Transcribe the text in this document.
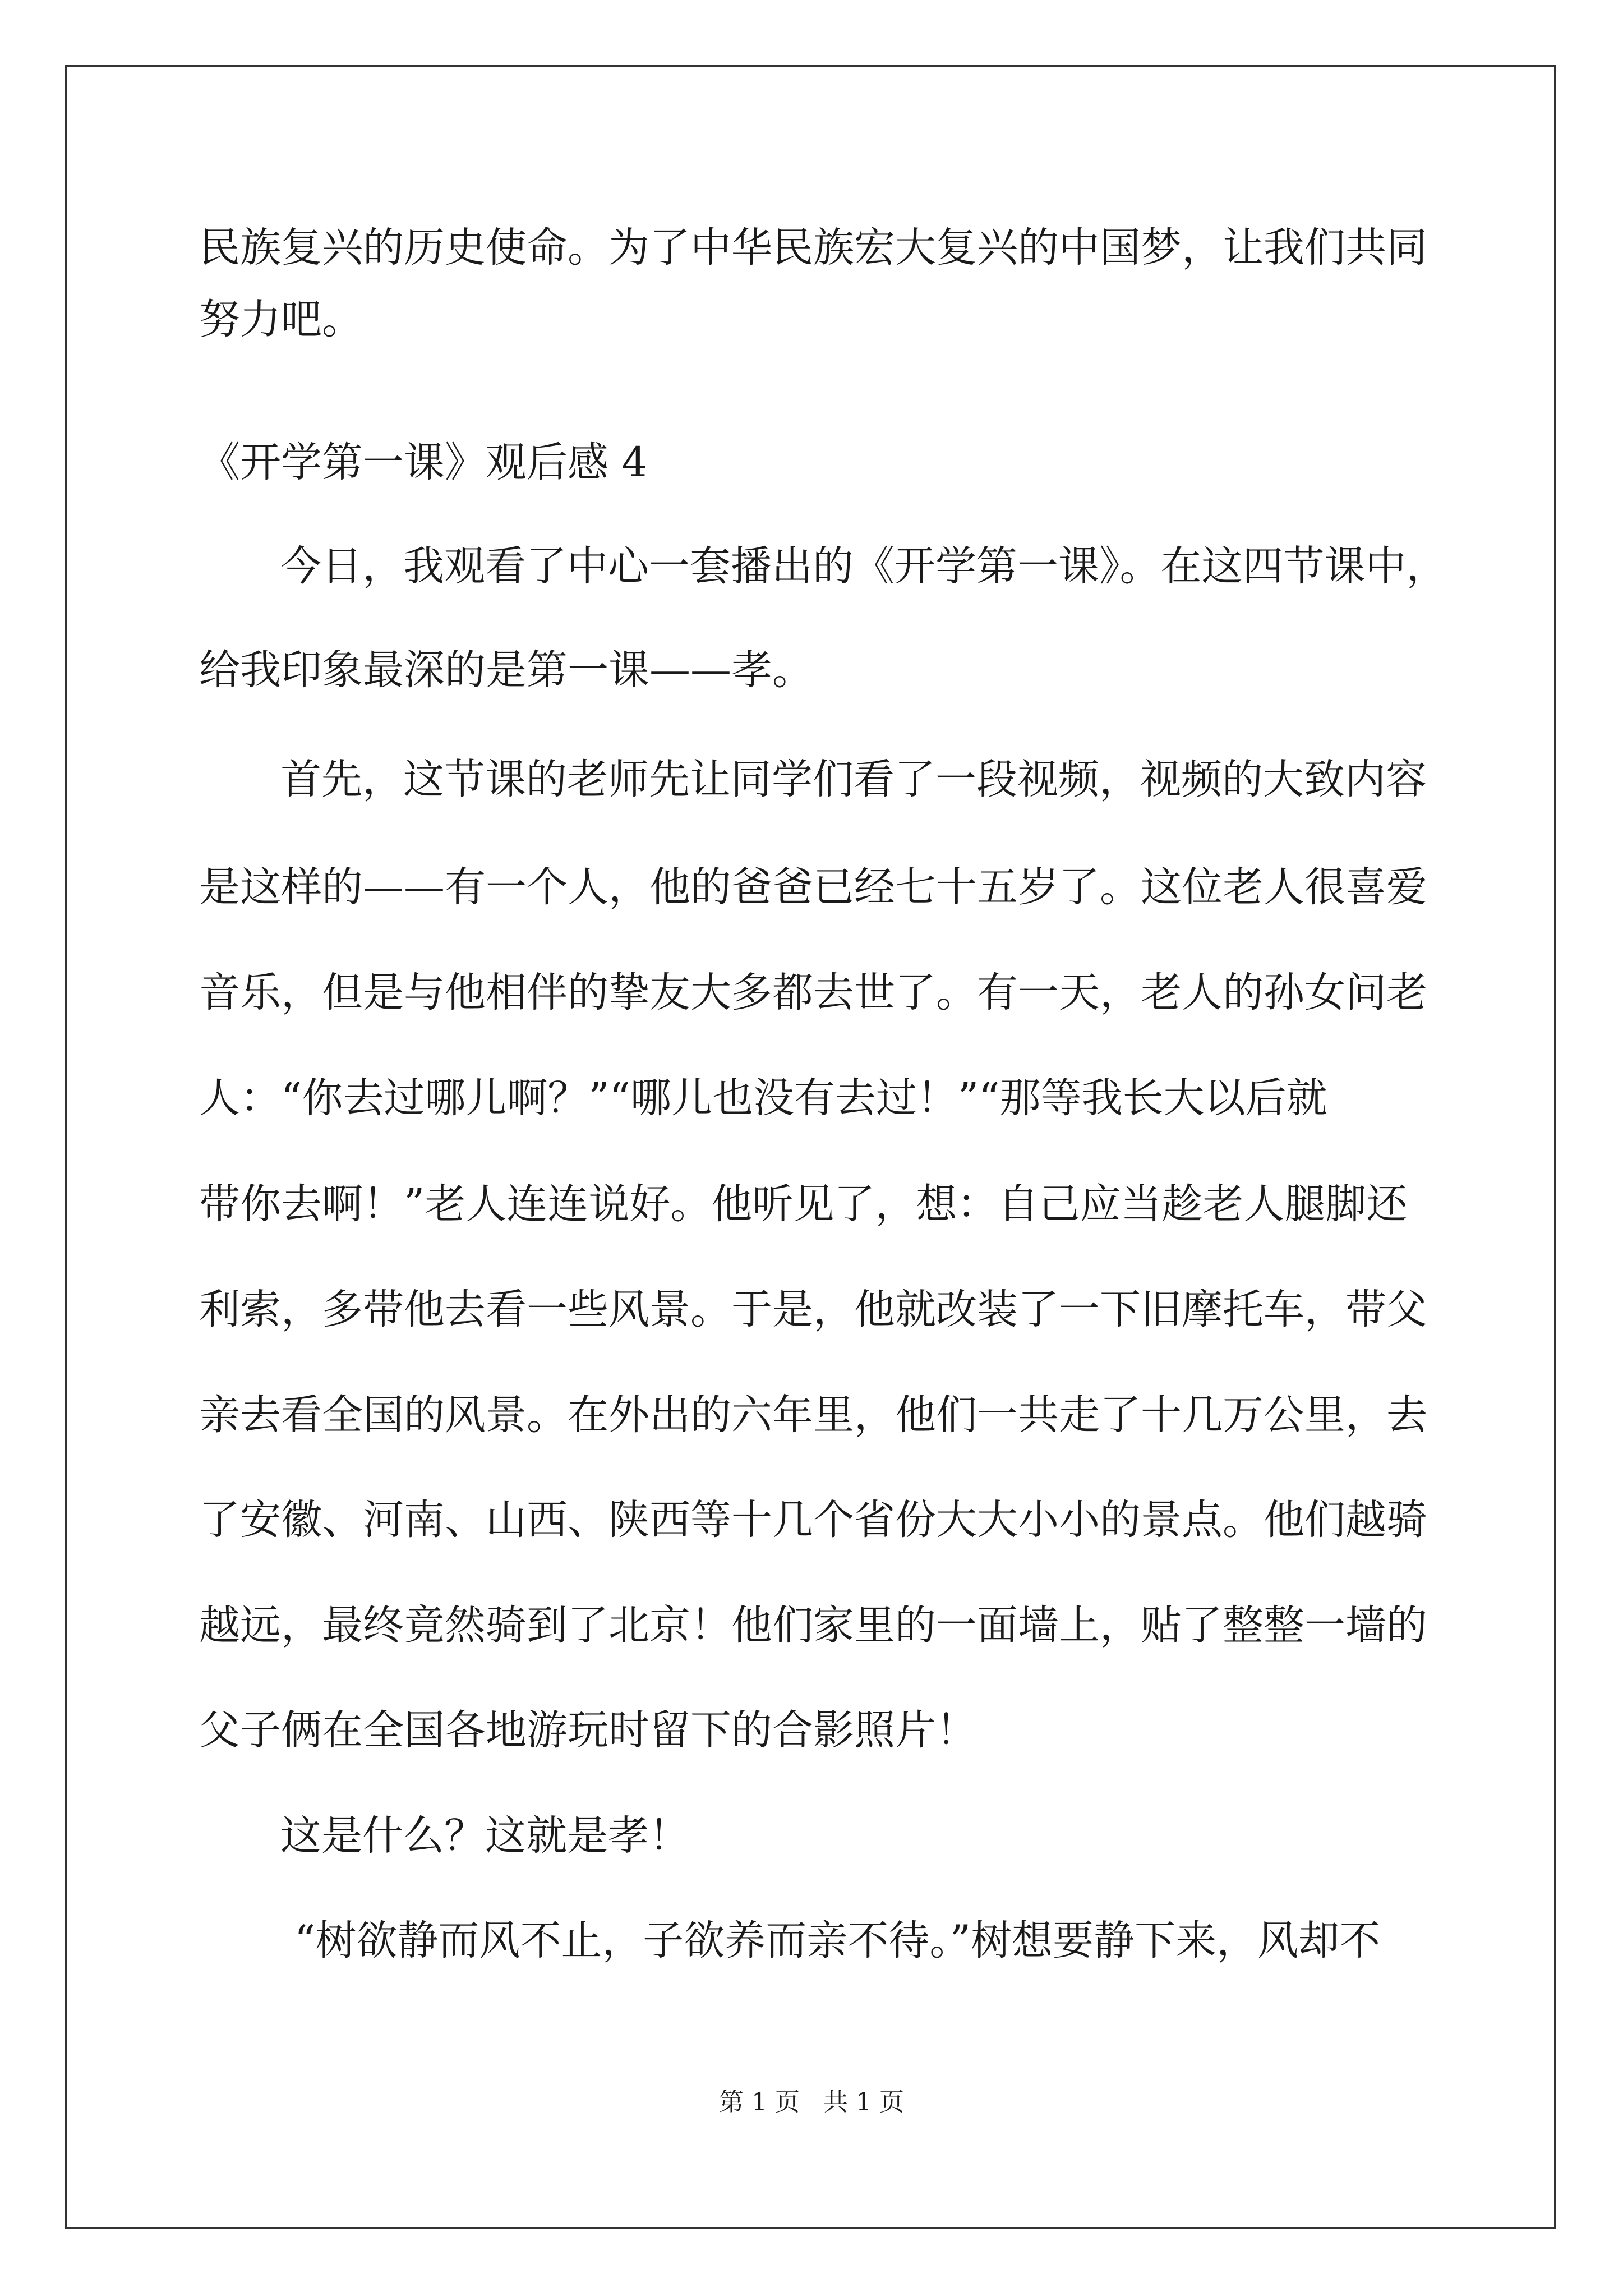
民族复兴的历史使命。为了中华民族宏大复兴的中国梦，让我们共同

努力吧。

《开学第一课》观后感 4

今日，我观看了中心一套播出的《开学第一课》。在这四节课中，

给我印象最深的是第一课——孝。

首先，这节课的老师先让同学们看了一段视频，视频的大致内容

是这样的——有一个人，他的爸爸已经七十五岁了。这位老人很喜爱

音乐，但是与他相伴的挚友大多都去世了。有一天，老人的孙女问老

人：“你去过哪儿啊？”“哪儿也没有去过！”“那等我长大以后就

带你去啊！”老人连连说好。他听见了，想：自己应当趁老人腿脚还

利索，多带他去看一些风景。于是，他就改装了一下旧摩托车，带父

亲去看全国的风景。在外出的六年里，他们一共走了十几万公里，去

了安徽、河南、山西、陕西等十几个省份大大小小的景点。他们越骑

越远，最终竟然骑到了北京！他们家里的一面墙上，贴了整整一墙的

父子俩在全国各地游玩时留下的合影照片！

这是什么？这就是孝！

“树欲静而风不止，子欲养而亲不待。”树想要静下来，风却不

第 1 页   共 1 页
